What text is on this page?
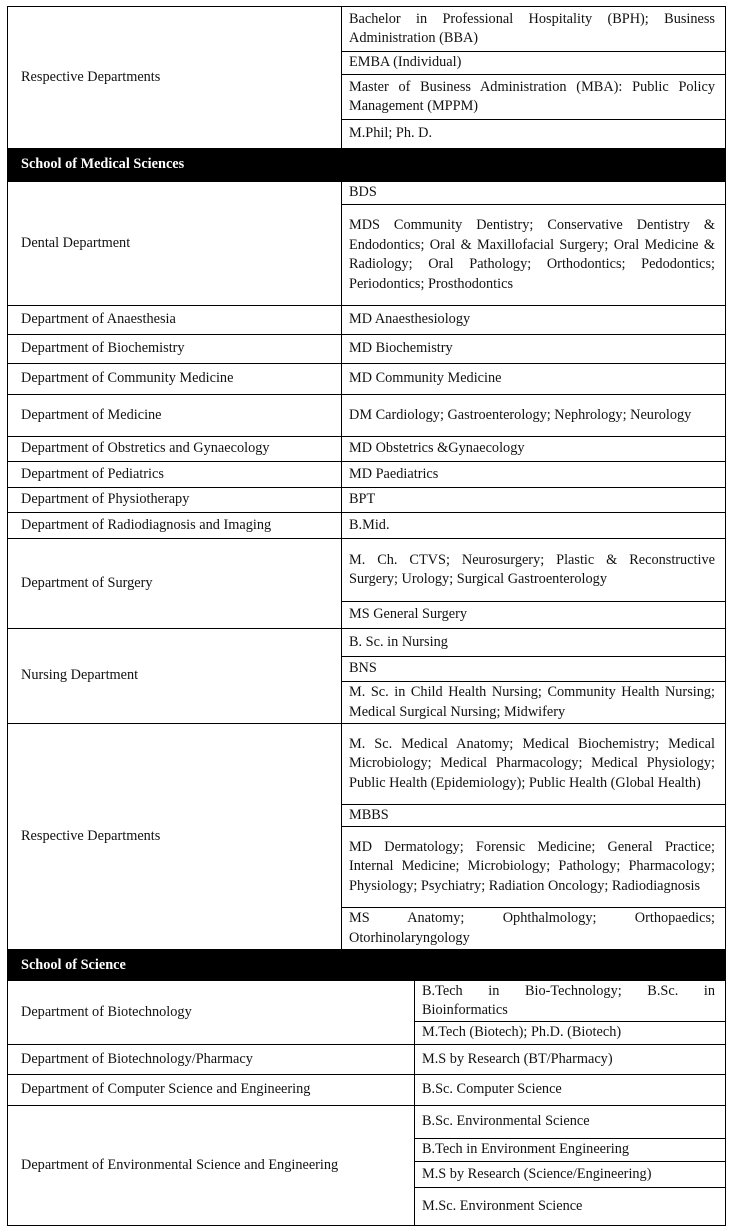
Respective Departments	Bachelor in Professional Hospitality (BPH); Business Administration (BBA)
	EMBA (Individual)
	Master of Business Administration (MBA): Public Policy Management (MPPM)
	M.Phil; Ph. D.
School of Medical Sciences	
Dental Department	BDS
	MDS Community Dentistry; Conservative Dentistry & Endodontics; Oral & Maxillofacial Surgery; Oral Medicine & Radiology; Oral Pathology; Orthodontics; Pedodontics; Periodontics; Prosthodontics
Department of Anaesthesia	MD Anaesthesiology
Department of Biochemistry	MD Biochemistry
Department of Community Medicine	MD Community Medicine
Department of Medicine	DM Cardiology; Gastroenterology; Nephrology; Neurology
Department of Obstretics and Gynaecology	MD Obstetrics &Gynaecology
Department of Pediatrics	MD Paediatrics
Department of Physiotherapy	BPT
Department of Radiodiagnosis and Imaging	B.Mid.
Department of Surgery	M. Ch. CTVS; Neurosurgery; Plastic & Reconstructive Surgery; Urology; Surgical Gastroenterology
	MS General Surgery
Nursing Department	B. Sc. in Nursing
	BNS
	M. Sc. in Child Health Nursing; Community Health Nursing; Medical Surgical Nursing; Midwifery
Respective Departments	M. Sc. Medical Anatomy; Medical Biochemistry; Medical Microbiology; Medical Pharmacology; Medical Physiology; Public Health (Epidemiology); Public Health (Global Health)
	MBBS
	MD Dermatology; Forensic Medicine; General Practice; Internal Medicine; Microbiology; Pathology; Pharmacology; Physiology; Psychiatry; Radiation Oncology; Radiodiagnosis
	MS Anatomy; Ophthalmology; Orthopaedics; Otorhinolaryngology
School of Science	
Department of Biotechnology	B.Tech in Bio-Technology; B.Sc. in Bioinformatics
	M.Tech (Biotech); Ph.D. (Biotech)
Department of Biotechnology/Pharmacy	M.S by Research (BT/Pharmacy)
Department of Computer Science and Engineering	B.Sc. Computer Science
Department of Environmental Science and Engineering	B.Sc. Environmental Science
	B.Tech in Environment Engineering
	M.S by Research (Science/Engineering)
	M.Sc. Environment Science
